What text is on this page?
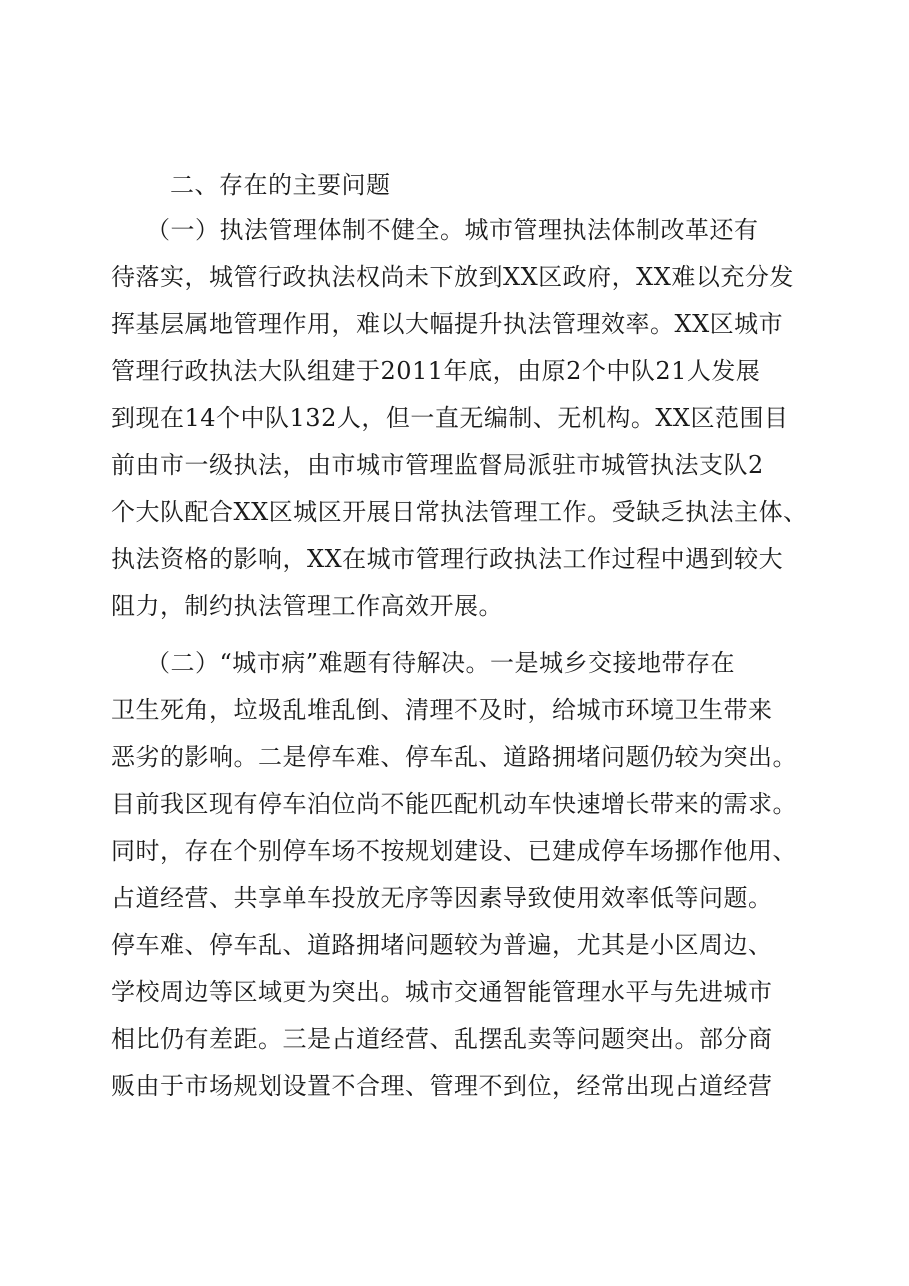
二、存在的主要问题
（一）执法管理体制不健全。城市管理执法体制改革还有
待落实，城管行政执法权尚未下放到XX区政府，XX难以充分发
挥基层属地管理作用，难以大幅提升执法管理效率。XX区城市
管理行政执法大队组建于2011年底，由原2个中队21人发展
到现在14个中队132人，但一直无编制、无机构。XX区范围目
前由市一级执法，由市城市管理监督局派驻市城管执法支队2
个大队配合XX区城区开展日常执法管理工作。受缺乏执法主体、
执法资格的影响，XX在城市管理行政执法工作过程中遇到较大
阻力，制约执法管理工作高效开展。
（二）“城市病”难题有待解决。一是城乡交接地带存在
卫生死角，垃圾乱堆乱倒、清理不及时，给城市环境卫生带来
恶劣的影响。二是停车难、停车乱、道路拥堵问题仍较为突出。
目前我区现有停车泊位尚不能匹配机动车快速增长带来的需求。
同时，存在个别停车场不按规划建设、已建成停车场挪作他用、
占道经营、共享单车投放无序等因素导致使用效率低等问题。
停车难、停车乱、道路拥堵问题较为普遍，尤其是小区周边、
学校周边等区域更为突出。城市交通智能管理水平与先进城市
相比仍有差距。三是占道经营、乱摆乱卖等问题突出。部分商
贩由于市场规划设置不合理、管理不到位，经常出现占道经营
